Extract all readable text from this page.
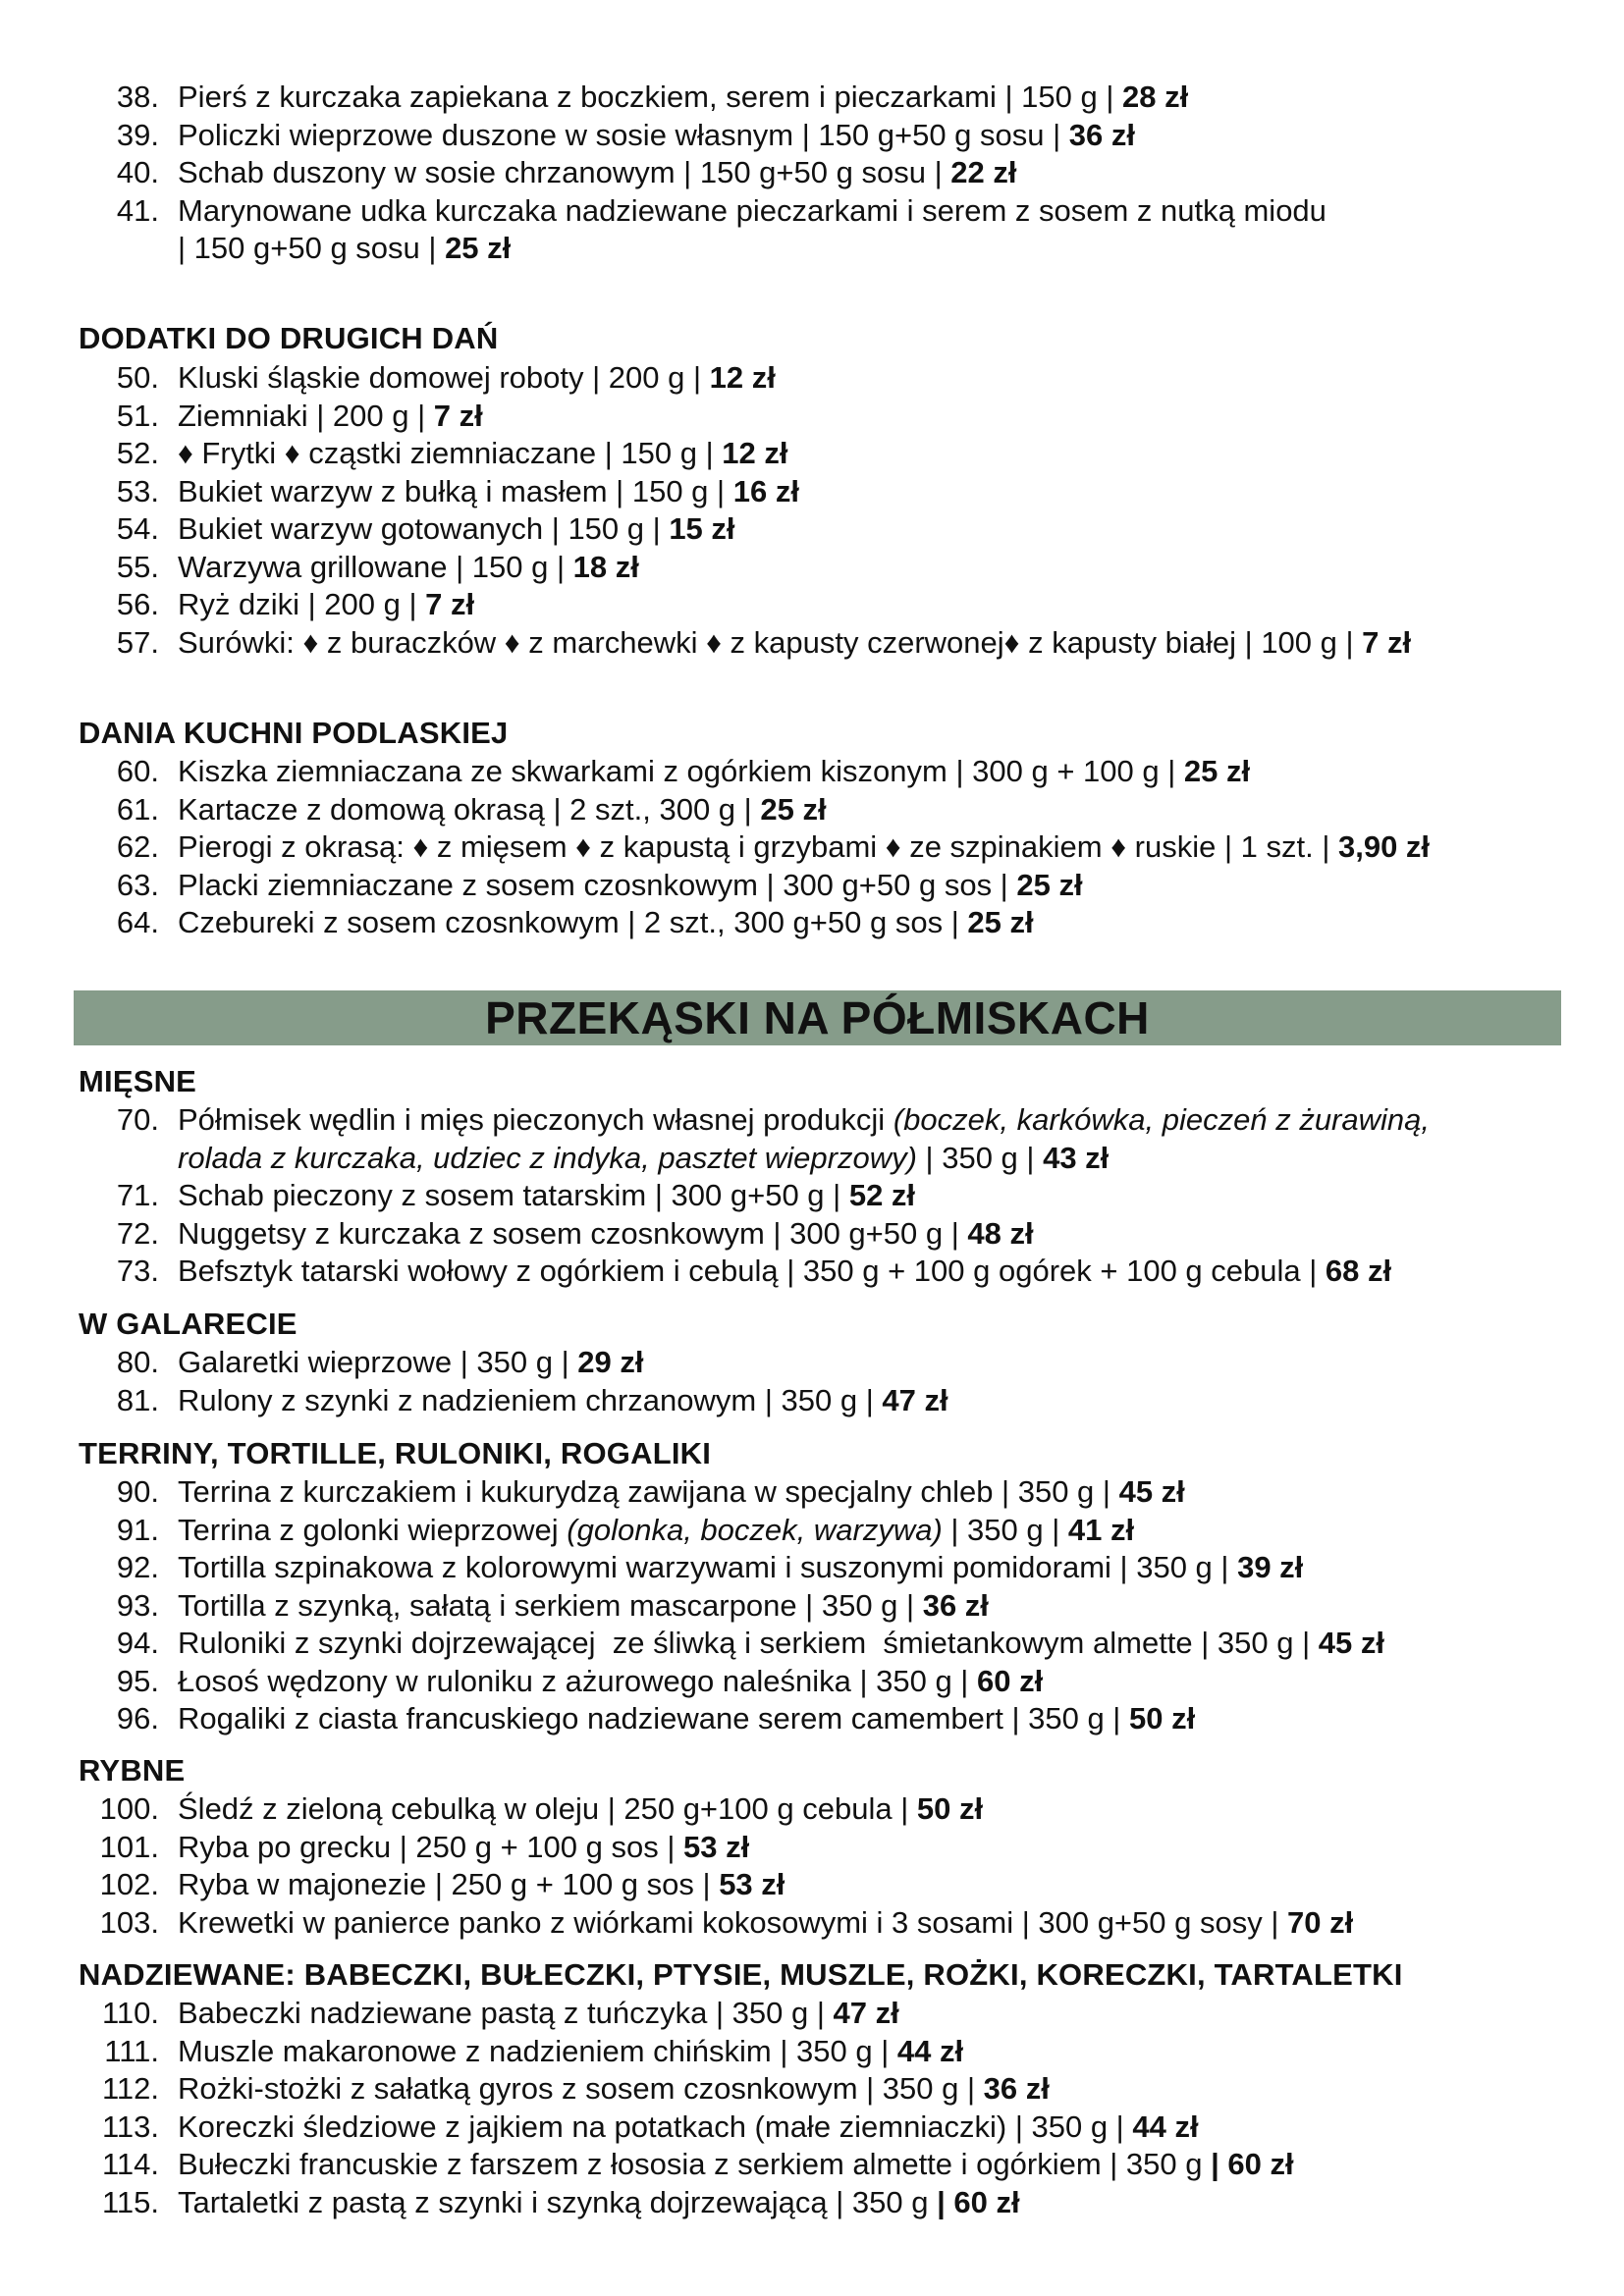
38. Pierś z kurczaka zapiekana z boczkiem, serem i pieczarkami | 150 g | 28 zł
39. Policzki wieprzowe duszone w sosie własnym | 150 g+50 g sosu | 36 zł
40. Schab duszony w sosie chrzanowym | 150 g+50 g sosu | 22 zł
41. Marynowane udka kurczaka nadziewane pieczarkami i serem z sosem z nutką miodu
| 150 g+50 g sosu | 25 zł
DODATKI DO DRUGICH DAŃ
50. Kluski śląskie domowej roboty | 200 g | 12 zł
51. Ziemniaki | 200 g | 7 zł
52. ♦ Frytki ♦ cząstki ziemniaczane | 150 g | 12 zł
53. Bukiet warzyw z bułką i masłem | 150 g | 16 zł
54. Bukiet warzyw gotowanych | 150 g | 15 zł
55. Warzywa grillowane | 150 g | 18 zł
56. Ryż dziki | 200 g | 7 zł
57. Surówki: ♦ z buraczków ♦ z marchewki ♦ z kapusty czerwonej♦ z kapusty białej | 100 g | 7 zł
DANIA KUCHNI PODLASKIEJ
60. Kiszka ziemniaczana ze skwarkami z ogórkiem kiszonym | 300 g + 100 g | 25 zł
61. Kartacze z domową okrasą | 2 szt., 300 g | 25 zł
62. Pierogi z okrasą: ♦ z mięsem ♦ z kapustą i grzybami ♦ ze szpinakiem ♦ ruskie | 1 szt. | 3,90 zł
63. Placki ziemniaczane z sosem czosnkowym | 300 g+50 g sos | 25 zł
64. Czebureki z sosem czosnkowym | 2 szt., 300 g+50 g sos | 25 zł
PRZEKĄSKI NA PÓŁMISKACH
MIĘSNE
70. Półmisek wędlin i mięs pieczonych własnej produkcji (boczek, karkówka, pieczeń z żurawiną,
rolada z kurczaka, udziec z indyka, pasztet wieprzowy) | 350 g | 43 zł
71. Schab pieczony z sosem tatarskim | 300 g+50 g | 52 zł
72. Nuggetsy z kurczaka z sosem czosnkowym | 300 g+50 g | 48 zł
73. Befsztyk tatarski wołowy z ogórkiem i cebulą | 350 g + 100 g ogórek + 100 g cebula | 68 zł
W GALARECIE
80. Galaretki wieprzowe | 350 g | 29 zł
81. Rulony z szynki z nadzieniem chrzanowym | 350 g | 47 zł
TERRINY, TORTILLE, RULONIKI, ROGALIKI
90. Terrina z kurczakiem i kukurydzą zawijana w specjalny chleb | 350 g | 45 zł
91. Terrina z golonki wieprzowej (golonka, boczek, warzywa) | 350 g | 41 zł
92. Tortilla szpinakowa z kolorowymi warzywami i suszonymi pomidorami | 350 g | 39 zł
93. Tortilla z szynką, sałatą i serkiem mascarpone | 350 g | 36 zł
94. Ruloniki z szynki dojrzewającej  ze śliwką i serkiem  śmietankowym almette | 350 g | 45 zł
95. Łosoś wędzony w ruloniku z ażurowego naleśnika | 350 g | 60 zł
96. Rogaliki z ciasta francuskiego nadziewane serem camembert | 350 g | 50 zł
RYBNE
100. Śledź z zieloną cebulką w oleju | 250 g+100 g cebula | 50 zł
101. Ryba po grecku | 250 g + 100 g sos | 53 zł
102. Ryba w majonezie | 250 g + 100 g sos | 53 zł
103. Krewetki w panierce panko z wiórkami kokosowymi i 3 sosami | 300 g+50 g sosy | 70 zł
NADZIEWANE: BABECZKI, BUŁECZKI, PTYSIE, MUSZLE, ROŻKI, KORECZKI, TARTALETKI
110. Babeczki nadziewane pastą z tuńczyka | 350 g | 47 zł
111. Muszle makaronowe z nadzieniem chińskim | 350 g | 44 zł
112. Rożki-stożki z sałatką gyros z sosem czosnkowym | 350 g | 36 zł
113. Koreczki śledziowe z jajkiem na potatkach (małe ziemniaczki) | 350 g | 44 zł
114. Bułeczki francuskie z farszem z łososia z serkiem almette i ogórkiem | 350 g | 60 zł
115. Tartaletki z pastą z szynki i szynką dojrzewającą | 350 g | 60 zł
